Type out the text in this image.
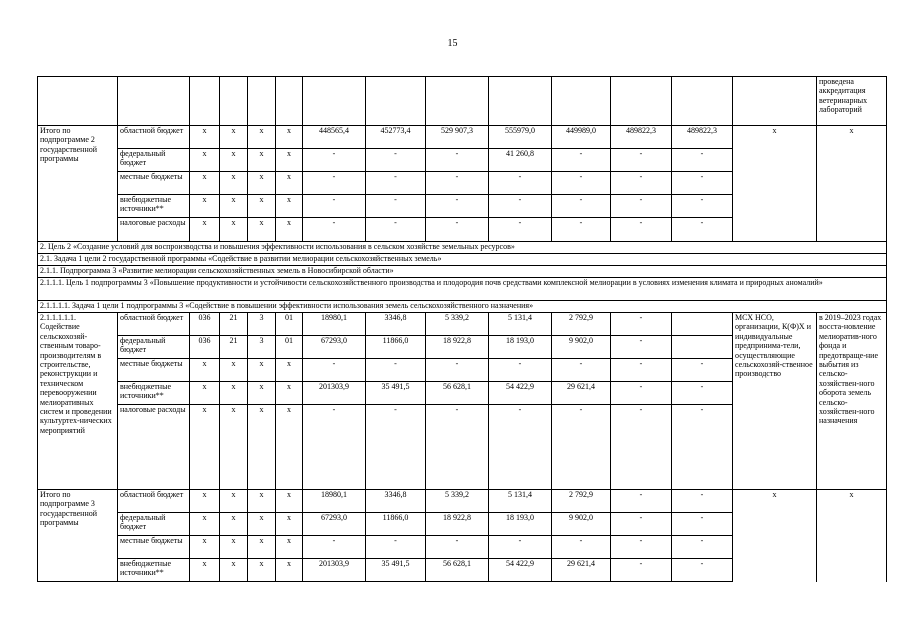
15
														проведена аккредитация ветеринарных лабораторий
Итого по подпрограмме 2 государственной программы	областной бюджет	x	x	x	x	448565,4	452773,4	529 907,3	555979,0	449989,0	489822,3	489822,3	x	x
	федеральный бюджет	x	x	x	x	-	-	-	41 260,8	-	-	-		
	местные бюджеты	x	x	x	x	-	-	-	-	-	-	-		
	внебюджетные источники**	x	x	x	x	-	-	-	-	-	-	-		
	налоговые расходы	x	x	x	x	-	-	-	-	-	-	-		
2. Цель 2 «Создание условий для воспроизводства и повышения эффективности использования в сельском хозяйстве земельных ресурсов»														
2.1. Задача 1 цели 2 государственной программы «Содействие в развитии мелиорации сельскохозяйственных земель»														
2.1.1. Подпрограмма 3 «Развитие мелиорации сельскохозяйственных земель в Новосибирской области»														
2.1.1.1. Цель 1 подпрограммы 3 «Повышение продуктивности и устойчивости сельскохозяйственного производства и плодородия почв средствами комплексной мелиорации в условиях изменения климата и природных аномалий»														
2.1.1.1.1. Задача 1 цели 1 подпрограммы 3 «Содействие в повышении эффективности использования земель сельскохозяйственного назначения»														
2.1.1.1.1.1. Содействие сельскохозяй-ственным товаро-производителям в строительстве, реконструкции и техническом перевооружении мелиоративных систем и проведении культуртех-нических мероприятий	областной бюджет	036	21	3	01	18980,1	3346,8	5 339,2	5 131,4	2 792,9	-		МСХ НСО, организации, К(Ф)Х и индивидуальные предпринима-тели, осуществляющие сельскохозяй-ственное производство	в 2019–2023 годах восста-новление мелиоратив-ного фонда и предотвраще-ние выбытия из сельско-хозяйствен-ного оборота земель сельско-хозяйствен-ного назначения
	федеральный бюджет	036	21	3	01	67293,0	11866,0	18 922,8	18 193,0	9 902,0	-			
	местные бюджеты	x	x	x	x	-	-	-	-	-	-	-		
	внебюджетные источники**	x	x	x	x	201303,9	35 491,5	56 628,1	54 422,9	29 621,4	-	-		
	налоговые расходы	x	x	x	x	-	-	-	-	-	-	-		
Итого по подпрограмме 3 государственной программы	областной бюджет	x	x	x	x	18980,1	3346,8	5 339,2	5 131,4	2 792,9	-	-	x	x
	федеральный бюджет	x	x	x	x	67293,0	11866,0	18 922,8	18 193,0	9 902,0	-	-		
	местные бюджеты	x	x	x	x	-	-	-	-	-	-	-		
	внебюджетные источники**	x	x	x	x	201303,9	35 491,5	56 628,1	54 422,9	29 621,4	-	-		
